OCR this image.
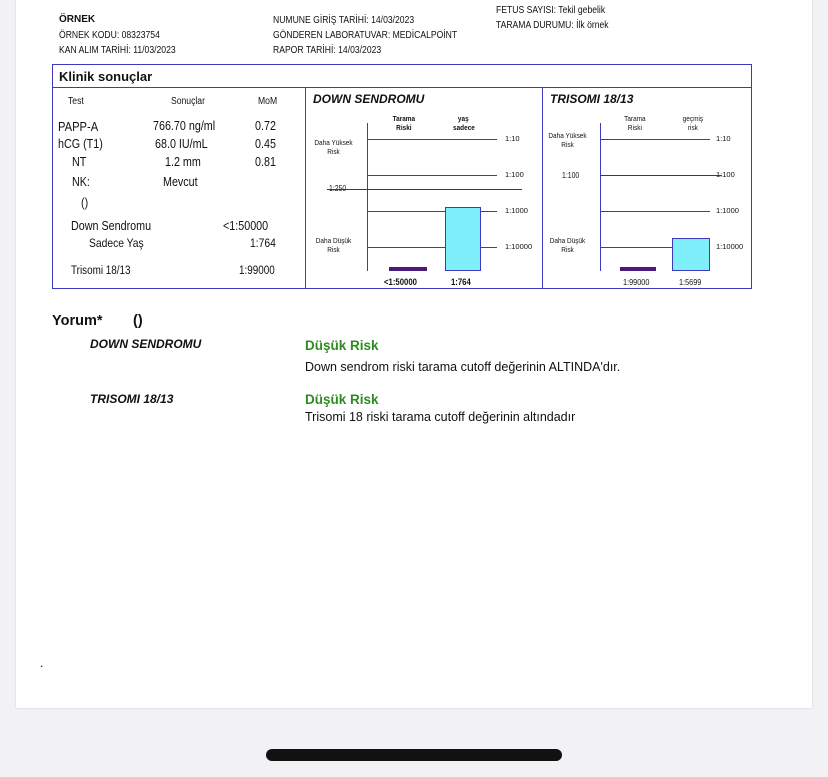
ÖRNEK
ÖRNEK KODU: 08323754
KAN ALIM TARİHİ: 11/03/2023
NUMUNE GİRİŞ TARİHİ: 14/03/2023
GÖNDEREN LABORATUVAR: MEDİCALPOİNT
RAPOR TARİHİ: 14/03/2023
FETUS SAYISI: Tekil gebelik
TARAMA DURUMU: İlk örnek
Klinik sonuçlar
Test	Sonuçlar	MoM
PAPP-A	766.70 ng/ml	0.72
hCG (T1)	68.0 IU/mL	0.45
NT	1.2 mm	0.81
NK:	Mevcut
()
Down Sendromu	<1:50000
Sadece Yaş	1:764
Trisomi 18/13	1:99000
DOWN SENDROMU
Tarama Riski
yaş sadece
Daha Yüksek Risk
Daha Düşük Risk
1:250
<1:50000	1:764
1:10
1:100
1:1000
1:10000
TRISOMI 18/13
Tarama Riski
geçmiş risk
Daha Yüksek Risk
Daha Düşük Risk
1:100
1:99000	1:5699
1:10
1:100
1:1000
1:10000
Yorum* ()
DOWN SENDROMU	Düşük Risk
Down sendrom riski tarama cutoff değerinin ALTINDA'dır.
TRISOMI 18/13	Düşük Risk
Trisomi 18 riski tarama cutoff değerinin altındadır
.
